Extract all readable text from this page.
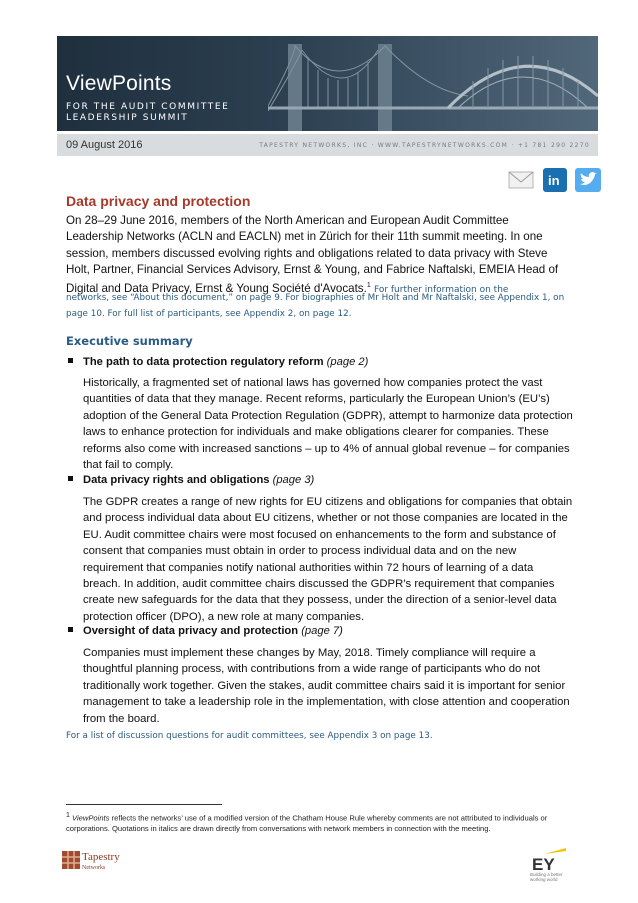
ViewPoints
FOR THE AUDIT COMMITTEE
LEADERSHIP SUMMIT
09 August 2016	TAPESTRY NETWORKS, INC · WWW.TAPESTRYNETWORKS.COM · +1 781 290 2270
in
Data privacy and protection
On 28–29 June 2016, members of the North American and European Audit Committee Leadership Networks (ACLN and EACLN) met in Zürich for their 11th summit meeting. In one session, members discussed evolving rights and obligations related to data privacy with Steve Holt, Partner, Financial Services Advisory, Ernst & Young, and Fabrice Naftalski, EMEIA Head of Digital and Data Privacy, Ernst & Young Société d'Avocats.$^1$ For further information on the
networks, see “About this document,” on page 9. For biographies of Mr Holt and Mr Naftalski, see Appendix 1, on
page 10. For full list of participants, see Appendix 2, on page 12.
Executive summary
The path to data protection regulatory reform (page 2)
Historically, a fragmented set of national laws has governed how companies protect the vast quantities of data that they manage. Recent reforms, particularly the European Union’s (EU’s) adoption of the General Data Protection Regulation (GDPR), attempt to harmonize data protection laws to enhance protection for individuals and make obligations clearer for companies. These reforms also come with increased sanctions – up to 4% of annual global revenue – for companies that fail to comply.
Data privacy rights and obligations (page 3)
The GDPR creates a range of new rights for EU citizens and obligations for companies that obtain and process individual data about EU citizens, whether or not those companies are located in the EU. Audit committee chairs were most focused on enhancements to the form and substance of consent that companies must obtain in order to process individual data and on the new requirement that companies notify national authorities within 72 hours of learning of a data breach. In addition, audit committee chairs discussed the GDPR’s requirement that companies create new safeguards for the data that they possess, under the direction of a senior-level data protection officer (DPO), a new role at many companies.
Oversight of data privacy and protection (page 7)
Companies must implement these changes by May, 2018. Timely compliance will require a thoughtful planning process, with contributions from a wide range of participants who do not traditionally work together. Given the stakes, audit committee chairs said it is important for senior management to take a leadership role in the implementation, with close attention and cooperation from the board.
For a list of discussion questions for audit committees, see Appendix 3 on page 13.
$^1$ ViewPoints reflects the networks’ use of a modified version of the Chatham House Rule whereby comments are not attributed to individuals or corporations. Quotations in italics are drawn directly from conversations with network members in connection with the meeting.
Tapestry
Networks	EY
Building a better working world
